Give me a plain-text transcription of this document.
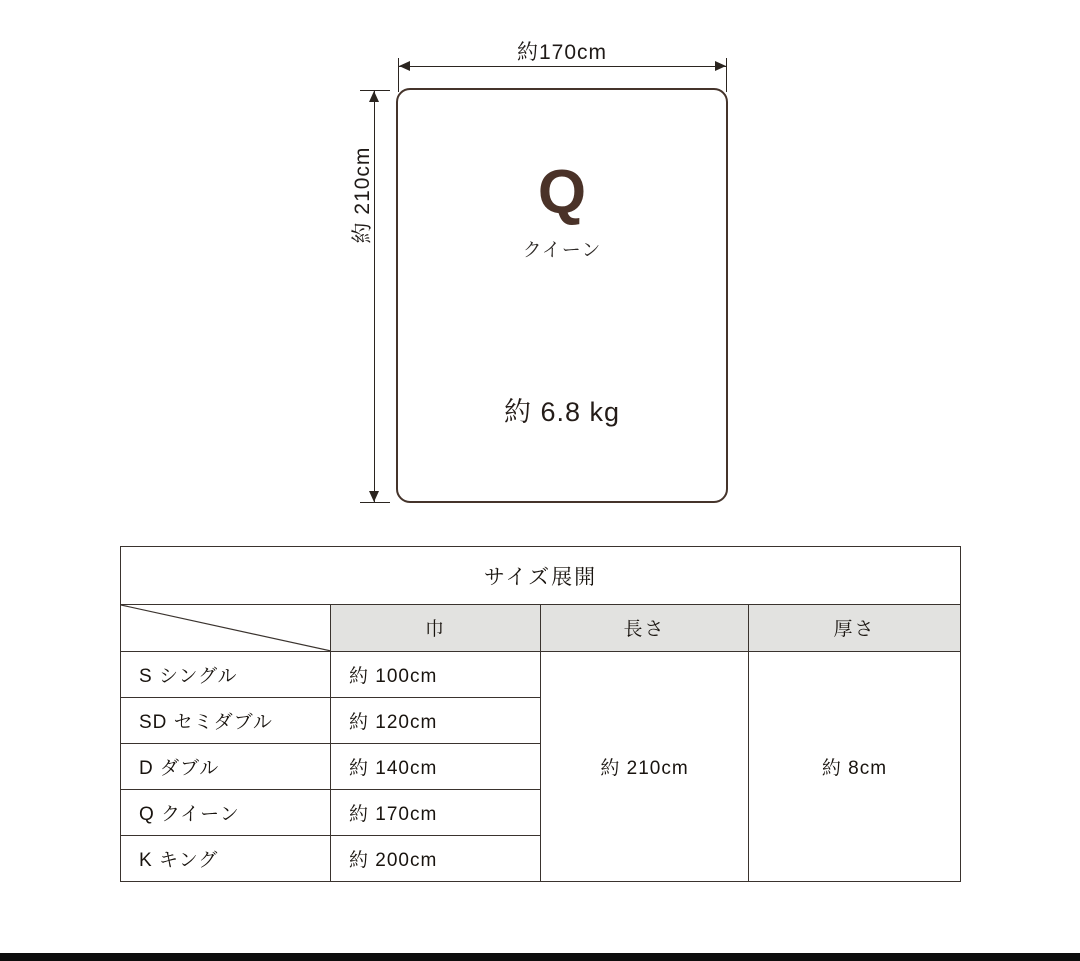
約170cm
約 210cm	Q
クイーン
約 6.8 kg
サイズ展開			

	巾	長さ	厚さ
S シングル	約 100cm	約 210cm	約 8cm
SD セミダブル	約 120cm		
D ダブル	約 140cm		
Q クイーン	約 170cm		
K キング	約 200cm		
